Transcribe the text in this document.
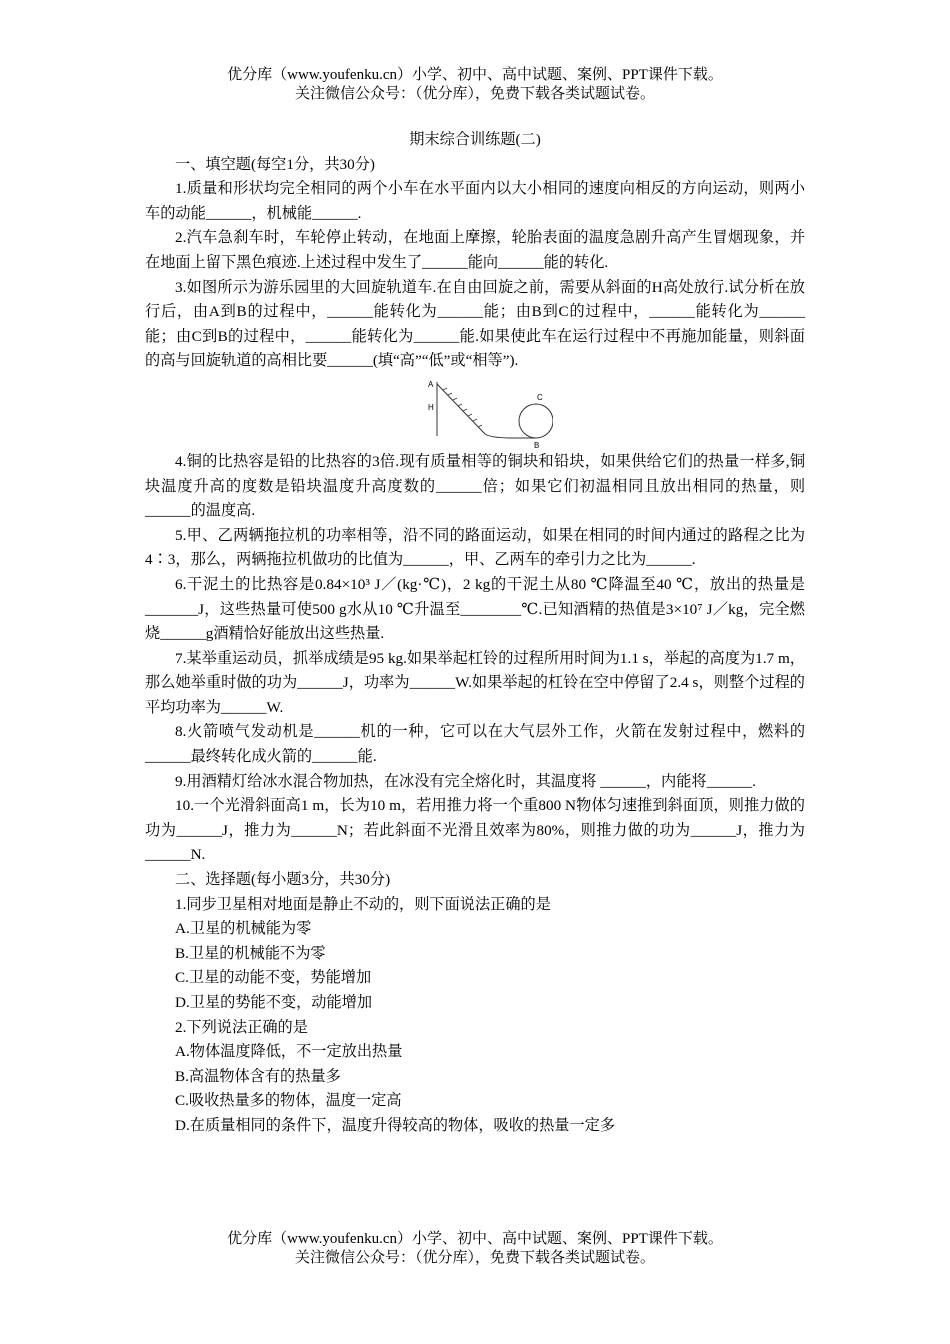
优分库（www.youfenku.cn）小学、初中、高中试题、案例、PPT课件下载。
关注微信公众号：（优分库），免费下载各类试题试卷。

期末综合训练题(二)

一、填空题(每空1分，共30分)

1.质量和形状均完全相同的两个小车在水平面内以大小相同的速度向相反的方向运动，则两小车的动能______，机械能______.

2.汽车急刹车时，车轮停止转动，在地面上摩擦，轮胎表面的温度急剧升高产生冒烟现象，并在地面上留下黑色痕迹.上述过程中发生了______能向______能的转化.

3.如图所示为游乐园里的大回旋轨道车.在自由回旋之前，需要从斜面的H高处放行.试分析在放行后，由A到B的过程中，______能转化为______能；由B到C的过程中，______能转化为______能；由C到B的过程中，______能转化为______能.如果使此车在运行过程中不再施加能量，则斜面的高与回旋轨道的高相比要______(填“高”“低”或“相等”).

A
H
C
B

4.铜的比热容是铅的比热容的3倍.现有质量相等的铜块和铅块，如果供给它们的热量一样多,铜块温度升高的度数是铅块温度升高度数的______倍；如果它们初温相同且放出相同的热量，则______的温度高.

5.甲、乙两辆拖拉机的功率相等，沿不同的路面运动，如果在相同的时间内通过的路程之比为4∶3，那么，两辆拖拉机做功的比值为______，甲、乙两车的牵引力之比为______.

6.干泥土的比热容是0.84×10³ J／(kg·℃)，2 kg的干泥土从80 ℃降温至40 ℃，放出的热量是_______J，这些热量可使500 g水从10 ℃升温至________℃.已知酒精的热值是3×10⁷ J／kg，完全燃烧______g酒精恰好能放出这些热量.

7.某举重运动员，抓举成绩是95 kg.如果举起杠铃的过程所用时间为1.1 s，举起的高度为1.7 m，那么她举重时做的功为______J，功率为______W.如果举起的杠铃在空中停留了2.4 s，则整个过程的平均功率为______W.

8.火箭喷气发动机是______机的一种，它可以在大气层外工作，火箭在发射过程中，燃料的______最终转化成火箭的______能.

9.用酒精灯给冰水混合物加热，在冰没有完全熔化时，其温度将 ______，内能将______.

10.一个光滑斜面高1 m，长为10 m，若用推力将一个重800 N物体匀速推到斜面顶，则推力做的功为______J，推力为______N；若此斜面不光滑且效率为80%，则推力做的功为______J，推力为______N.

二、选择题(每小题3分，共30分)

1.同步卫星相对地面是静止不动的，则下面说法正确的是

A.卫星的机械能为零

B.卫星的机械能不为零

C.卫星的动能不变，势能增加

D.卫星的势能不变，动能增加

2.下列说法正确的是

A.物体温度降低，不一定放出热量

B.高温物体含有的热量多

C.吸收热量多的物体，温度一定高

D.在质量相同的条件下，温度升得较高的物体，吸收的热量一定多

优分库（www.youfenku.cn）小学、初中、高中试题、案例、PPT课件下载。
关注微信公众号：（优分库），免费下载各类试题试卷。
